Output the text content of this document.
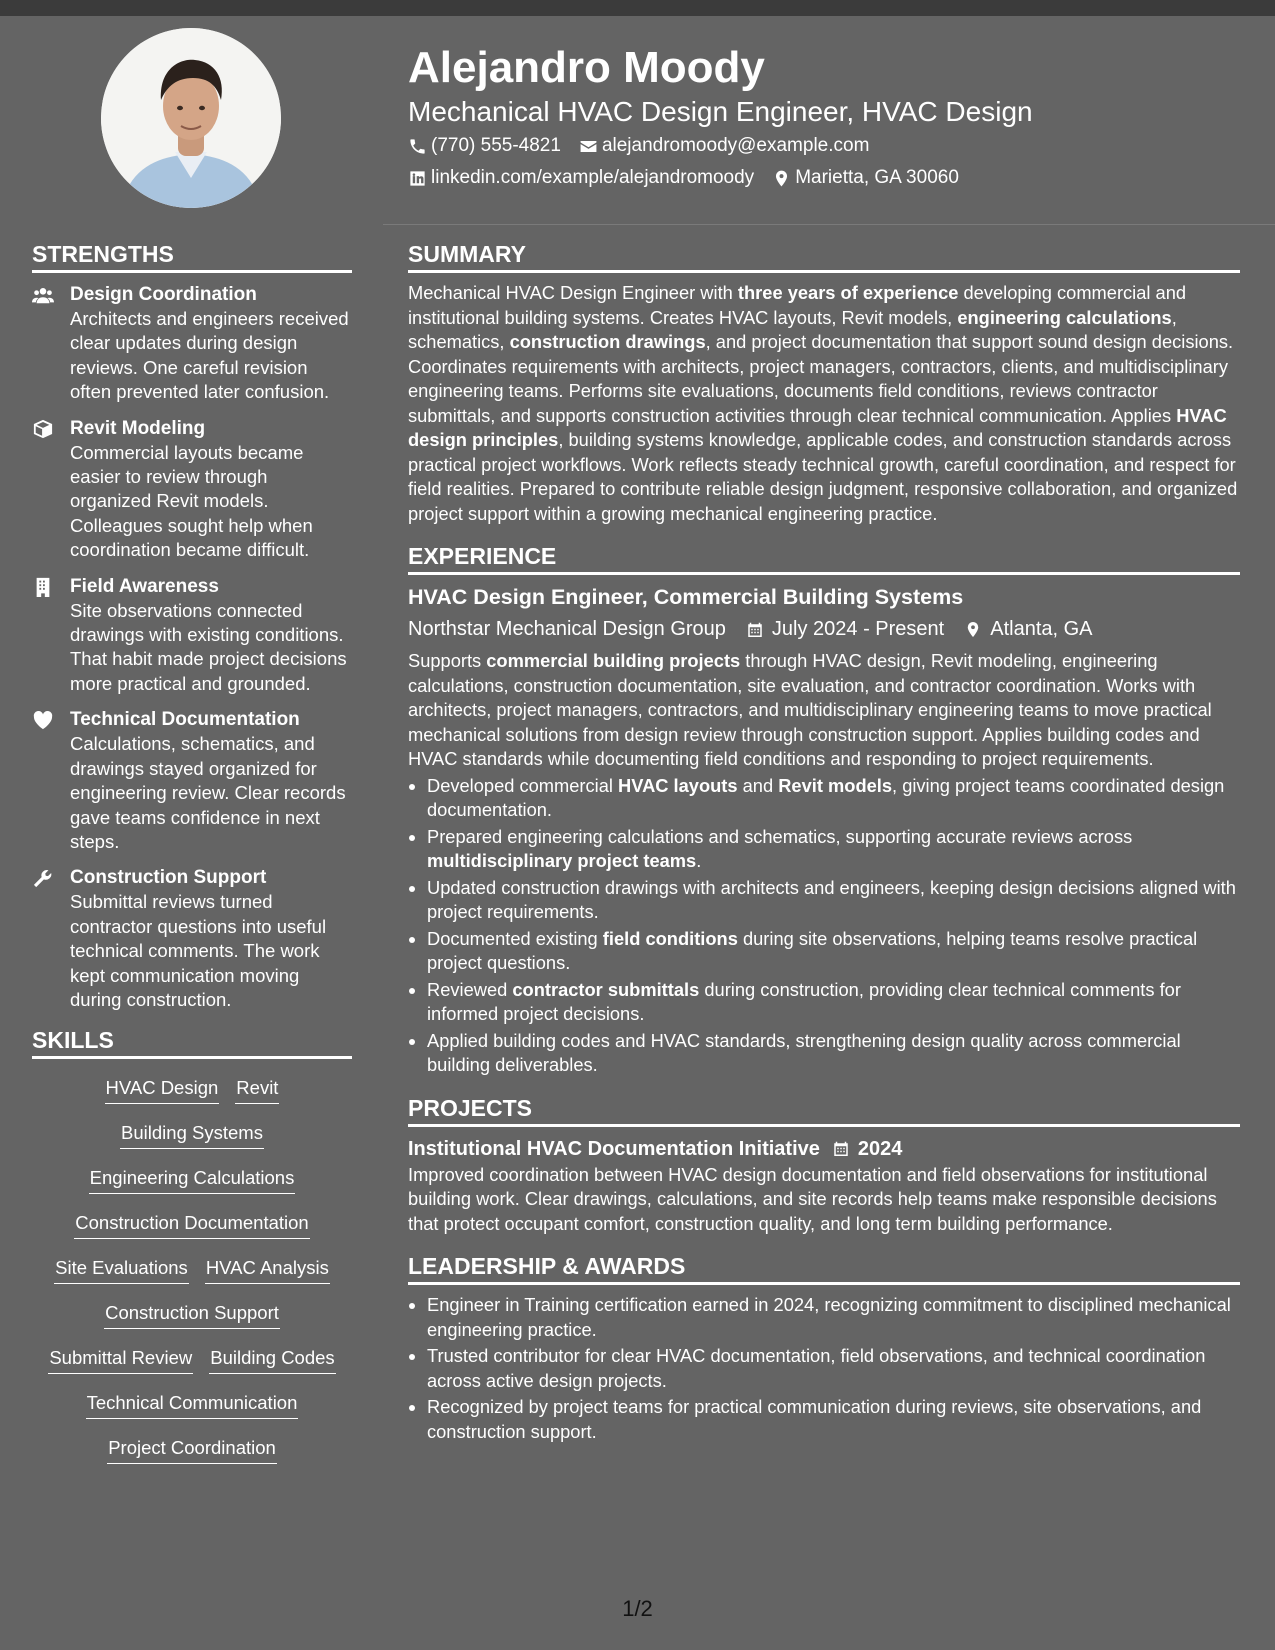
Alejandro Moody
Mechanical HVAC Design Engineer, HVAC Design
(770) 555-4821 alejandromoody@example.com
linkedin.com/example/alejandromoody Marietta, GA 30060
STRENGTHS
Design Coordination
Architects and engineers received clear updates during design reviews. One careful revision often prevented later confusion.
Revit Modeling
Commercial layouts became easier to review through organized Revit models. Colleagues sought help when coordination became difficult.
Field Awareness
Site observations connected drawings with existing conditions. That habit made project decisions more practical and grounded.
Technical Documentation
Calculations, schematics, and drawings stayed organized for engineering review. Clear records gave teams confidence in next steps.
Construction Support
Submittal reviews turned contractor questions into useful technical comments. The work kept communication moving during construction.
SKILLS
HVAC Design Revit
Building Systems
Engineering Calculations
Construction Documentation
Site Evaluations HVAC Analysis
Construction Support
Submittal Review Building Codes
Technical Communication
Project Coordination
SUMMARY

Mechanical HVAC Design Engineer with three years of experience developing commercial and institutional building systems. Creates HVAC layouts, Revit models, engineering calculations, schematics, construction drawings, and project documentation that support sound design decisions. Coordinates requirements with architects, project managers, contractors, clients, and multidisciplinary engineering teams. Performs site evaluations, documents field conditions, reviews contractor submittals, and supports construction activities through clear technical communication. Applies HVAC design principles, building systems knowledge, applicable codes, and construction standards across practical project workflows. Work reflects steady technical growth, careful coordination, and respect for field realities. Prepared to contribute reliable design judgment, responsive collaboration, and organized project support within a growing mechanical engineering practice.

EXPERIENCE
HVAC Design Engineer, Commercial Building Systems
Northstar Mechanical Design Group July 2024 - Present Atlanta, GA

Supports commercial building projects through HVAC design, Revit modeling, engineering calculations, construction documentation, site evaluation, and contractor coordination. Works with architects, project managers, contractors, and multidisciplinary engineering teams to move practical mechanical solutions from design review through construction support. Applies building codes and HVAC standards while documenting field conditions and responding to project requirements.

• Developed commercial HVAC layouts and Revit models, giving project teams coordinated design documentation.
• Prepared engineering calculations and schematics, supporting accurate reviews across multidisciplinary project teams.
• Updated construction drawings with architects and engineers, keeping design decisions aligned with project requirements.
• Documented existing field conditions during site observations, helping teams resolve practical project questions.
• Reviewed contractor submittals during construction, providing clear technical comments for informed project decisions.
• Applied building codes and HVAC standards, strengthening design quality across commercial building deliverables.
PROJECTS
Institutional HVAC Documentation Initiative 2024

Improved coordination between HVAC design documentation and field observations for institutional building work. Clear drawings, calculations, and site records help teams make responsible decisions that protect occupant comfort, construction quality, and long term building performance.

LEADERSHIP & AWARDS
• Engineer in Training certification earned in 2024, recognizing commitment to disciplined mechanical engineering practice.
• Trusted contributor for clear HVAC documentation, field observations, and technical coordination across active design projects.
• Recognized by project teams for practical communication during reviews, site observations, and construction support.
1/2
